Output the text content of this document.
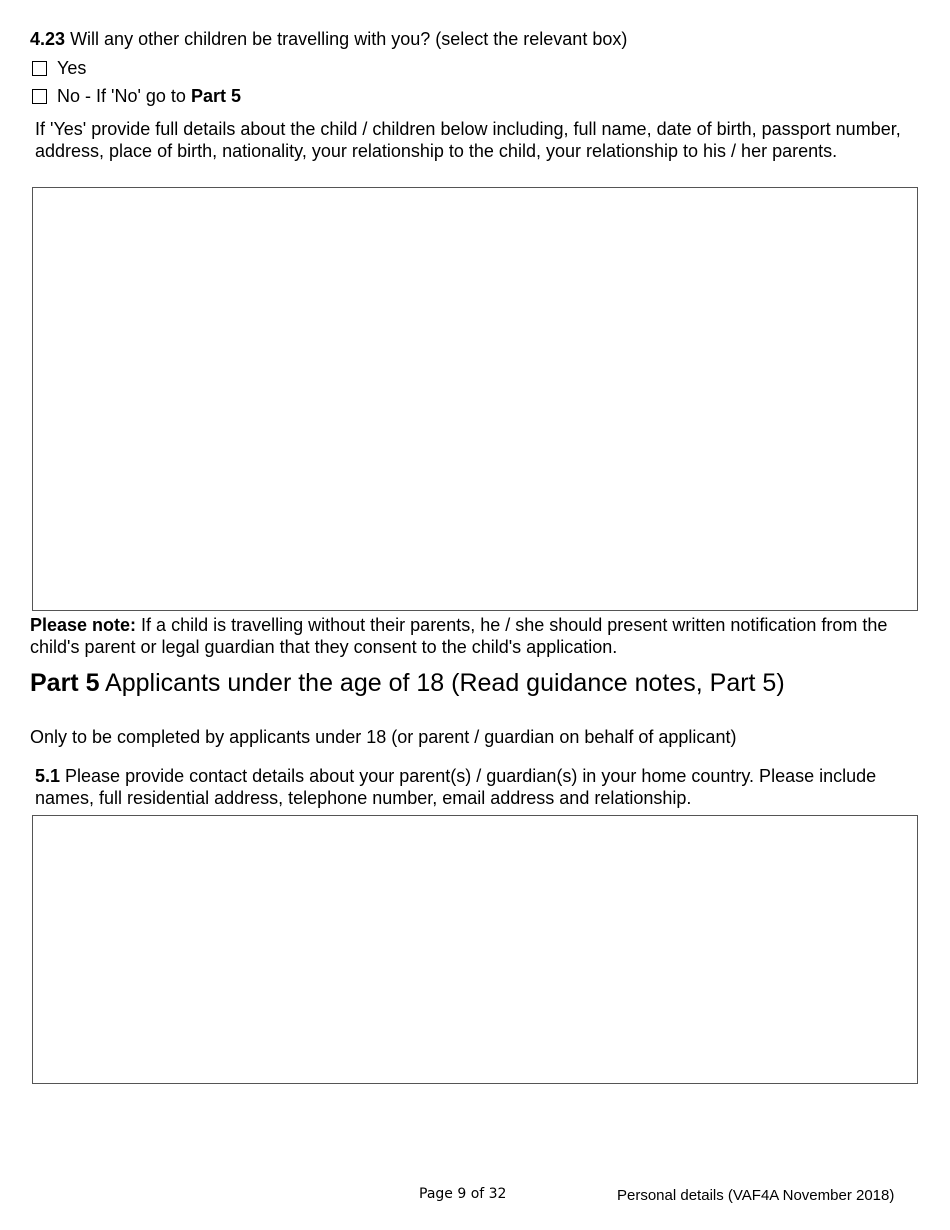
4.23 Will any other children be travelling with you? (select the relevant box)
Yes
No - If 'No' go to Part 5
If 'Yes' provide full details about the child / children below including, full name, date of birth, passport number, address, place of birth, nationality, your relationship to the child, your relationship to his / her parents.
Please note: If a child is travelling without their parents, he / she should present written notification from the child's parent or legal guardian that they consent to the child's application.
Part 5 Applicants under the age of 18 (Read guidance notes, Part 5)
Only to be completed by applicants under 18 (or parent / guardian on behalf of applicant)
5.1 Please provide contact details about your parent(s) / guardian(s) in your home country. Please include names, full residential address, telephone number, email address and relationship.
Page 9 of 32	Personal details (VAF4A November 2018)
